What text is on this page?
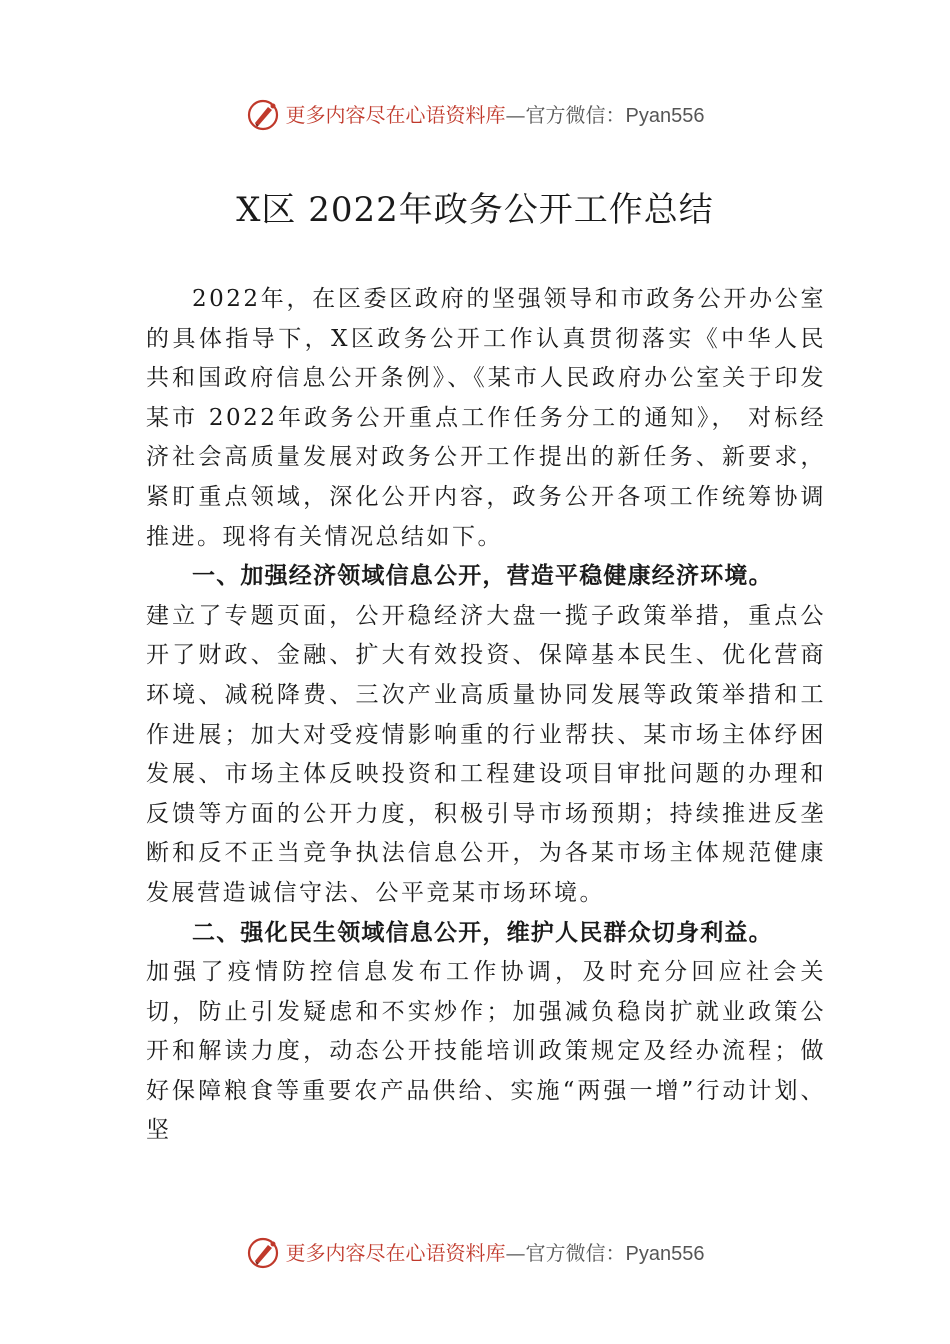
更多内容尽在心语资料库—官方微信：Pyan556
X区 2022年政务公开工作总结

2022年，在区委区政府的坚强领导和市政务公开办公室的具体指导下，X区政务公开工作认真贯彻落实《中华人民共和国政府信息公开条例》、《某市人民政府办公室关于印发某市 2022年政务公开重点工作任务分工的通知》， 对标经济社会高质量发展对政务公开工作提出的新任务、新要求，紧盯重点领域，深化公开内容，政务公开各项工作统筹协调推进。现将有关情况总结如下。

一、加强经济领域信息公开，营造平稳健康经济环境。

建立了专题页面，公开稳经济大盘一揽子政策举措，重点公开了财政、金融、扩大有效投资、保障基本民生、优化营商环境、减税降费、三次产业高质量协同发展等政策举措和工作进展；加大对受疫情影响重的行业帮扶、某市场主体纾困发展、市场主体反映投资和工程建设项目审批问题的办理和反馈等方面的公开力度，积极引导市场预期；持续推进反垄断和反不正当竞争执法信息公开，为各某市场主体规范健康发展营造诚信守法、公平竞某市场环境。

二、强化民生领域信息公开，维护人民群众切身利益。

加强了疫情防控信息发布工作协调，及时充分回应社会关切，防止引发疑虑和不实炒作；加强减负稳岗扩就业政策公开和解读力度，动态公开技能培训政策规定及经办流程；做好保障粮食等重要农产品供给、实施“两强一增”行动计划、坚

更多内容尽在心语资料库—官方微信：Pyan556
